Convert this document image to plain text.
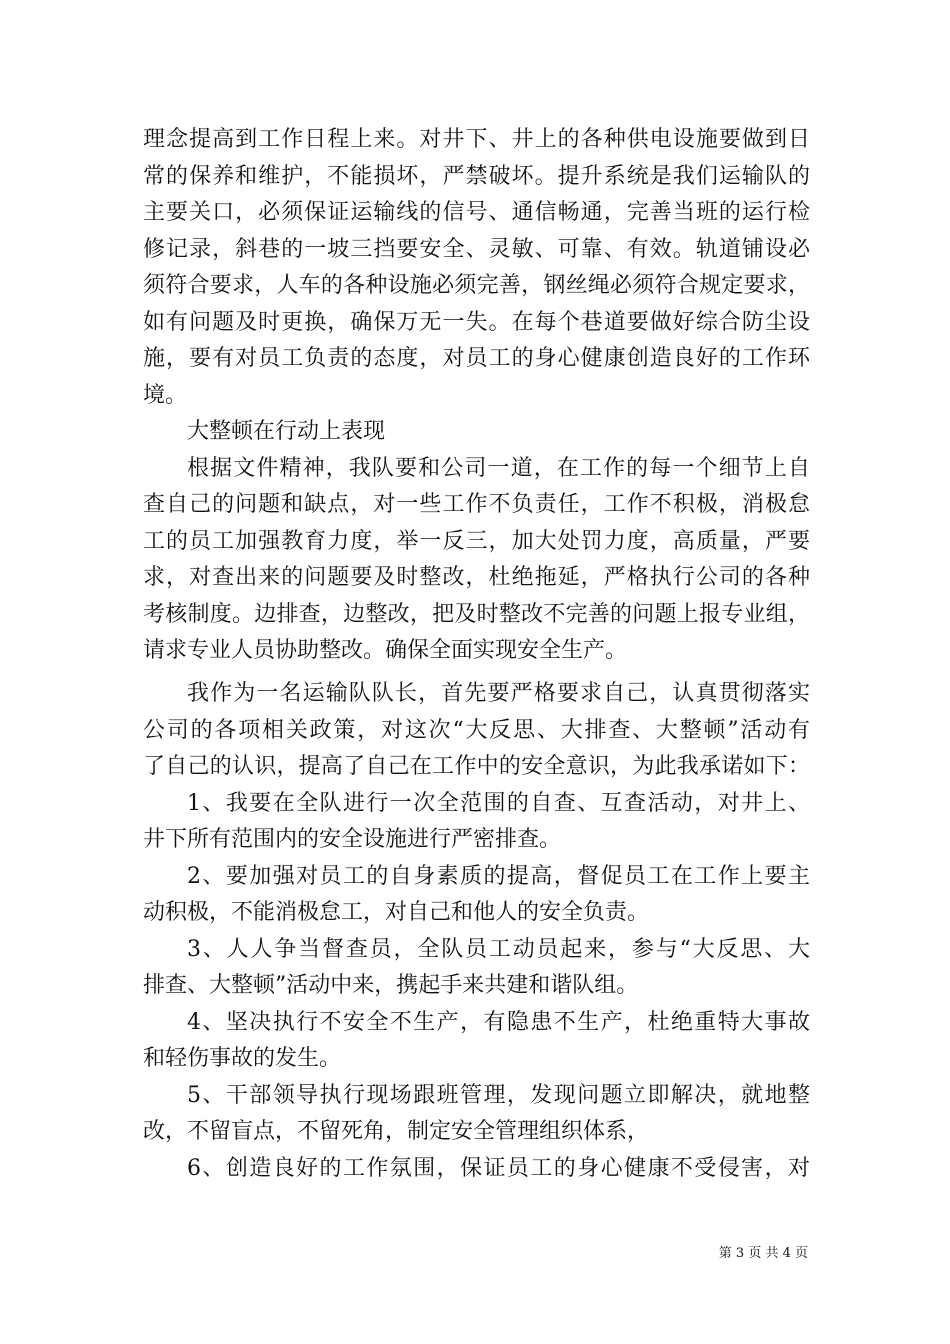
理念提高到工作日程上来。对井下、井上的各种供电设施要做到日
常的保养和维护，不能损坏，严禁破坏。提升系统是我们运输队的
主要关口，必须保证运输线的信号、通信畅通，完善当班的运行检
修记录，斜巷的一坡三挡要安全、灵敏、可靠、有效。轨道铺设必
须符合要求，人车的各种设施必须完善，钢丝绳必须符合规定要求，
如有问题及时更换，确保万无一失。在每个巷道要做好综合防尘设
施，要有对员工负责的态度，对员工的身心健康创造良好的工作环
境。
大整顿在行动上表现
根据文件精神，我队要和公司一道，在工作的每一个细节上自
查自己的问题和缺点，对一些工作不负责任，工作不积极，消极怠
工的员工加强教育力度，举一反三，加大处罚力度，高质量，严要
求，对查出来的问题要及时整改，杜绝拖延，严格执行公司的各种
考核制度。边排查，边整改，把及时整改不完善的问题上报专业组，
请求专业人员协助整改。确保全面实现安全生产。
我作为一名运输队队长，首先要严格要求自己，认真贯彻落实
公司的各项相关政策，对这次“大反思、大排查、大整顿”活动有
了自己的认识，提高了自己在工作中的安全意识，为此我承诺如下：
1、我要在全队进行一次全范围的自查、互查活动，对井上、
井下所有范围内的安全设施进行严密排查。
2、要加强对员工的自身素质的提高，督促员工在工作上要主
动积极，不能消极怠工，对自己和他人的安全负责。
3、人人争当督查员，全队员工动员起来，参与“大反思、大
排查、大整顿”活动中来，携起手来共建和谐队组。
4、坚决执行不安全不生产，有隐患不生产，杜绝重特大事故
和轻伤事故的发生。
5、干部领导执行现场跟班管理，发现问题立即解决，就地整
改，不留盲点，不留死角，制定安全管理组织体系，
6、创造良好的工作氛围，保证员工的身心健康不受侵害，对
第 3 页 共 4 页
